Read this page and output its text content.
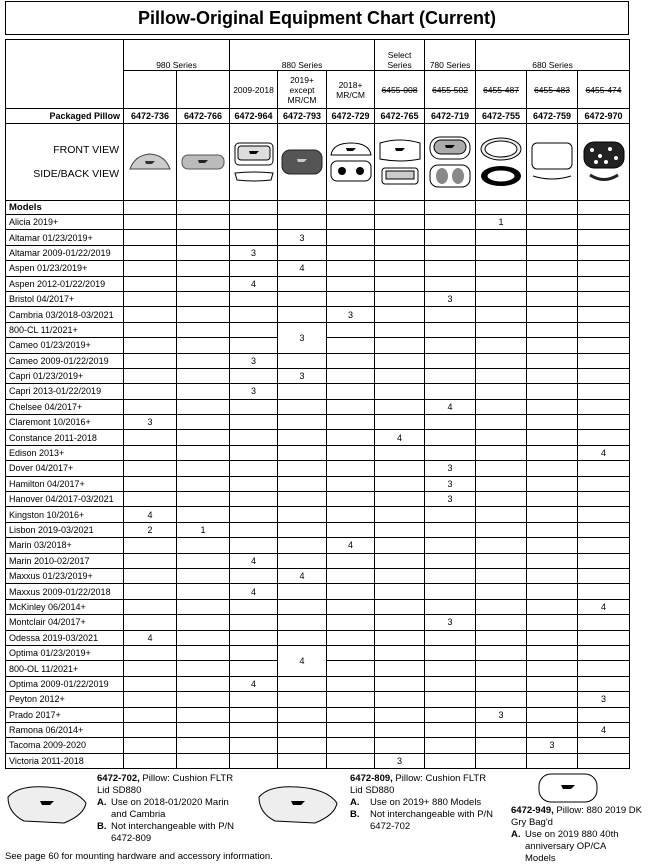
Pillow-Original Equipment Chart (Current)
	980 Series		880 Series			Select Series	780 Series	680 Series		
			2009-2018	2019+ except MR/CM	2018+ MR/CM	6455-008	6455-502	6455-487	6455-483	6455-474
Packaged Pillow	6472-736	6472-766	6472-964	6472-793	6472-729	6472-765	6472-719	6472-755	6472-759	6472-970

FRONT VIEW
SIDE/BACK VIEW

Models										
Alicia 2019+								1		
Altamar 01/23/2019+				3						
Altamar 2009-01/22/2019			3							
Aspen 01/23/2019+				4						
Aspen 2012-01/22/2019			4							
Bristol 04/2017+							3			
Cambria 03/2018-03/2021					3					
800-CL 11/2021+				3						
Cameo 01/23/2019+										
Cameo 2009-01/22/2019			3							
Capri 01/23/2019+				3						
Capri 2013-01/22/2019			3							
Chelsee 04/2017+							4			
Claremont 10/2016+	3									
Constance 2011-2018						4				
Edison 2013+										4
Dover 04/2017+							3			
Hamilton 04/2017+							3			
Hanover 04/2017-03/2021							3			
Kingston 10/2016+	4									
Lisbon 2019-03/2021	2	1								
Marin 03/2018+					4					
Marin 2010-02/2017			4							
Maxxus 01/23/2019+				4						
Maxxus 2009-01/22/2018			4							
McKinley 06/2014+										4
Montclair 04/2017+							3			
Odessa 2019-03/2021	4									
Optima 01/23/2019+				4						
800-OL 11/2021+										
Optima 2009-01/22/2019			4							
Peyton 2012+										3
Prado 2017+								3		
Ramona 06/2014+										4
Tacoma 2009-2020									3	
Victoria 2011-2018						3				
6472-702, Pillow: Cushion FLTR Lid SD880
A. Use on 2018-01/2020 Marin and Cambria
B. Not interchangeable with P/N 6472-809
6472-809, Pillow: Cushion FLTR Lid SD880
A. Use on 2019+ 880 Models
B. Not interchangeable with P/N 6472-702
6472-949, Pillow: 880 2019 DK Gry Bag'd
A. Use on 2019 880 40th anniversary OP/CA
Models
See page 60 for mounting hardware and accessory information.
